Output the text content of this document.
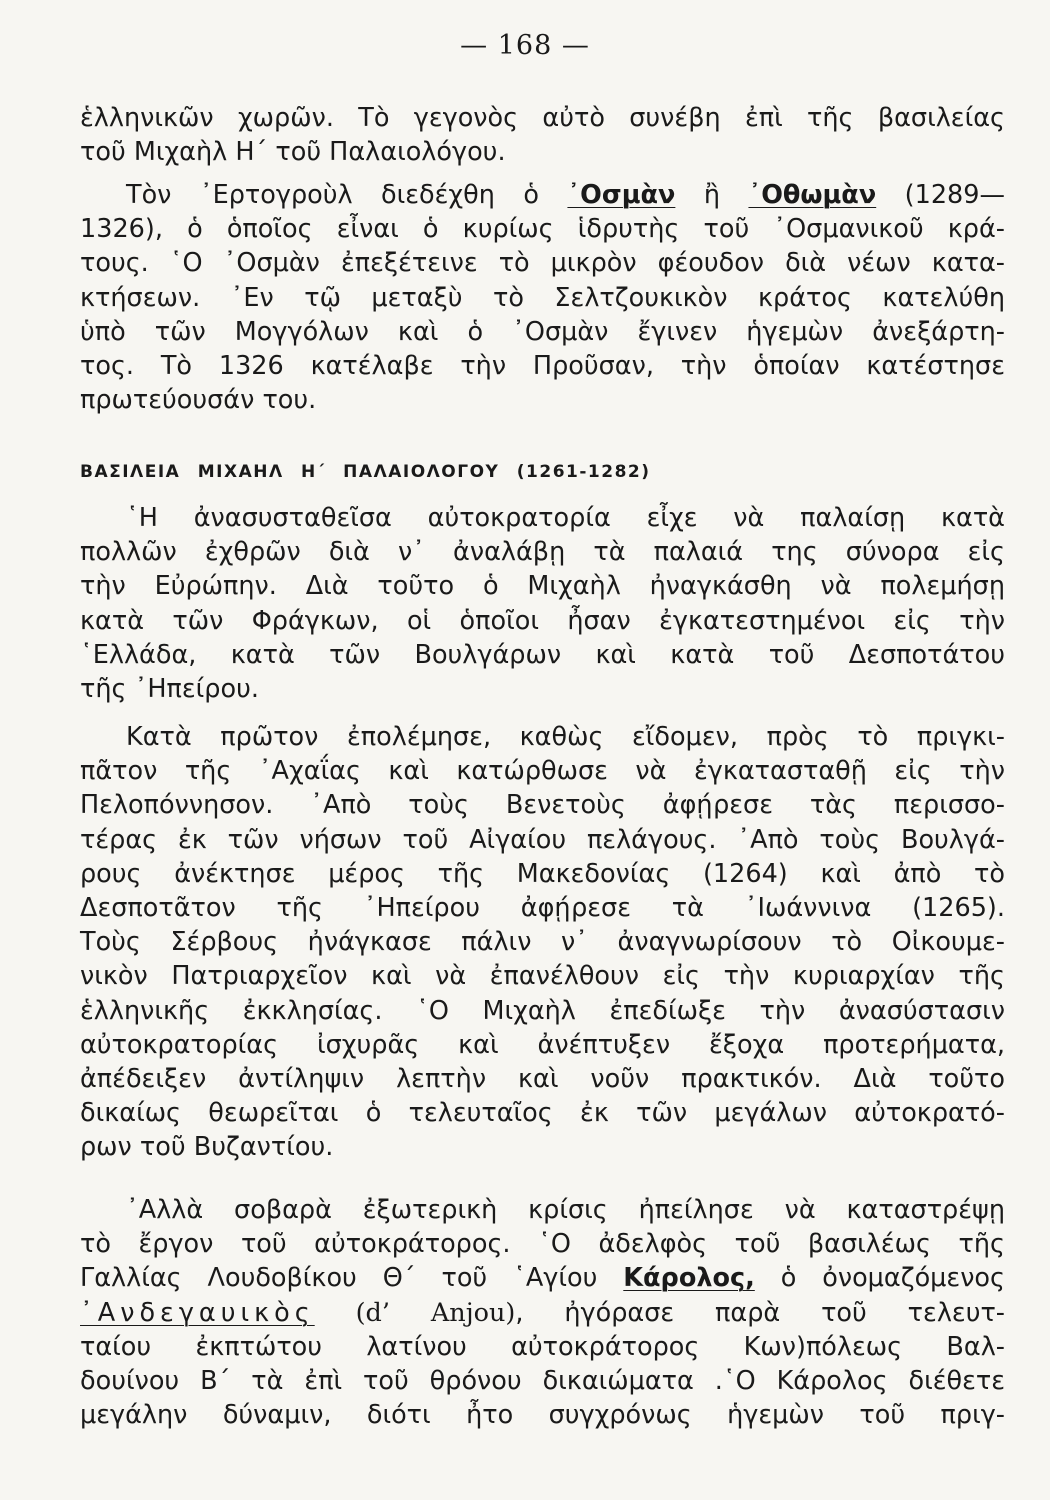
— 168 —
ἑλληνικῶν χωρῶν. Τὸ γεγονὸς αὐτὸ συνέβη ἐπὶ τῆς βασιλείας
τοῦ Μιχαὴλ Η΄ τοῦ Παλαιολόγου.
Τὸν ᾿Ερτογροὺλ διεδέχθη ὁ ᾿Οσμὰν ἢ ᾿Οθωμὰν (1289—
1326), ὁ ὁποῖος εἶναι ὁ κυρίως ἱδρυτὴς τοῦ ᾿Οσμανικοῦ κρά-
τους. ῾Ο ᾿Οσμὰν ἐπεξέτεινε τὸ μικρὸν φέουδον διὰ νέων κατα-
κτήσεων. ᾿Εν τῷ μεταξὺ τὸ Σελτζουκικὸν κράτος κατελύθη
ὑπὸ τῶν Μογγόλων καὶ ὁ ᾿Οσμὰν ἔγινεν ἡγεμὼν ἀνεξάρτη-
τος. Τὸ 1326 κατέλαβε τὴν Προῦσαν, τὴν ὁποίαν κατέστησε
πρωτεύουσάν του.
ΒΑΣΙΛΕΙΑ ΜΙΧΑΗΛ Η΄ ΠΑΛΑΙΟΛΟΓΟΥ (1261-1282)
῾Η ἀνασυσταθεῖσα αὐτοκρατορία εἶχε νὰ παλαίσῃ κατὰ
πολλῶν ἐχθρῶν διὰ ν᾿ ἀναλάβῃ τὰ παλαιά της σύνορα εἰς
τὴν Εὐρώπην. Διὰ τοῦτο ὁ Μιχαὴλ ἠναγκάσθη νὰ πολεμήσῃ
κατὰ τῶν Φράγκων, οἱ ὁποῖοι ἦσαν ἐγκατεστημένοι εἰς τὴν
῾Ελλάδα, κατὰ τῶν Βουλγάρων καὶ κατὰ τοῦ Δεσποτάτου
τῆς ᾿Ηπείρου.
Κατὰ πρῶτον ἐπολέμησε, καθὼς εἴδομεν, πρὸς τὸ πριγκι-
πᾶτον τῆς ᾿Αχαΐας καὶ κατώρθωσε νὰ ἐγκατασταθῇ εἰς τὴν
Πελοπόννησον. ᾿Απὸ τοὺς Βενετοὺς ἀφῄρεσε τὰς περισσο-
τέρας ἐκ τῶν νήσων τοῦ Αἰγαίου πελάγους. ᾿Απὸ τοὺς Βουλγά-
ρους ἀνέκτησε μέρος τῆς Μακεδονίας (1264) καὶ ἀπὸ τὸ
Δεσποτᾶτον τῆς ᾿Ηπείρου ἀφῄρεσε τὰ ᾿Ιωάννινα (1265).
Τοὺς Σέρβους ἠνάγκασε πάλιν ν᾿ ἀναγνωρίσουν τὸ Οἰκουμε-
νικὸν Πατριαρχεῖον καὶ νὰ ἐπανέλθουν εἰς τὴν κυριαρχίαν τῆς
ἑλληνικῆς ἐκκλησίας. ῾Ο Μιχαὴλ ἐπεδίωξε τὴν ἀνασύστασιν
αὐτοκρατορίας ἰσχυρᾶς καὶ ἀνέπτυξεν ἔξοχα προτερήματα,
ἀπέδειξεν ἀντίληψιν λεπτὴν καὶ νοῦν πρακτικόν. Διὰ τοῦτο
δικαίως θεωρεῖται ὁ τελευταῖος ἐκ τῶν μεγάλων αὐτοκρατό-
ρων τοῦ Βυζαντίου.
᾿Αλλὰ σοβαρὰ ἐξωτερικὴ κρίσις ἠπείλησε νὰ καταστρέψῃ
τὸ ἔργον τοῦ αὐτοκράτορος. ῾Ο ἀδελφὸς τοῦ βασιλέως τῆς
Γαλλίας Λουδοβίκου Θ΄ τοῦ ῾Αγίου Κάρολος, ὁ ὀνομαζόμενος
᾿Ανδεγαυικὸς (d’ Anjou), ἠγόρασε παρὰ τοῦ τελευτ-
ταίου ἐκπτώτου λατίνου αὐτοκράτορος Κων)πόλεως Βαλ-
δουίνου Β΄ τὰ ἐπὶ τοῦ θρόνου δικαιώματα .῾Ο Κάρολος διέθετε
μεγάλην δύναμιν, διότι ἦτο συγχρόνως ἡγεμὼν τοῦ πριγ-
